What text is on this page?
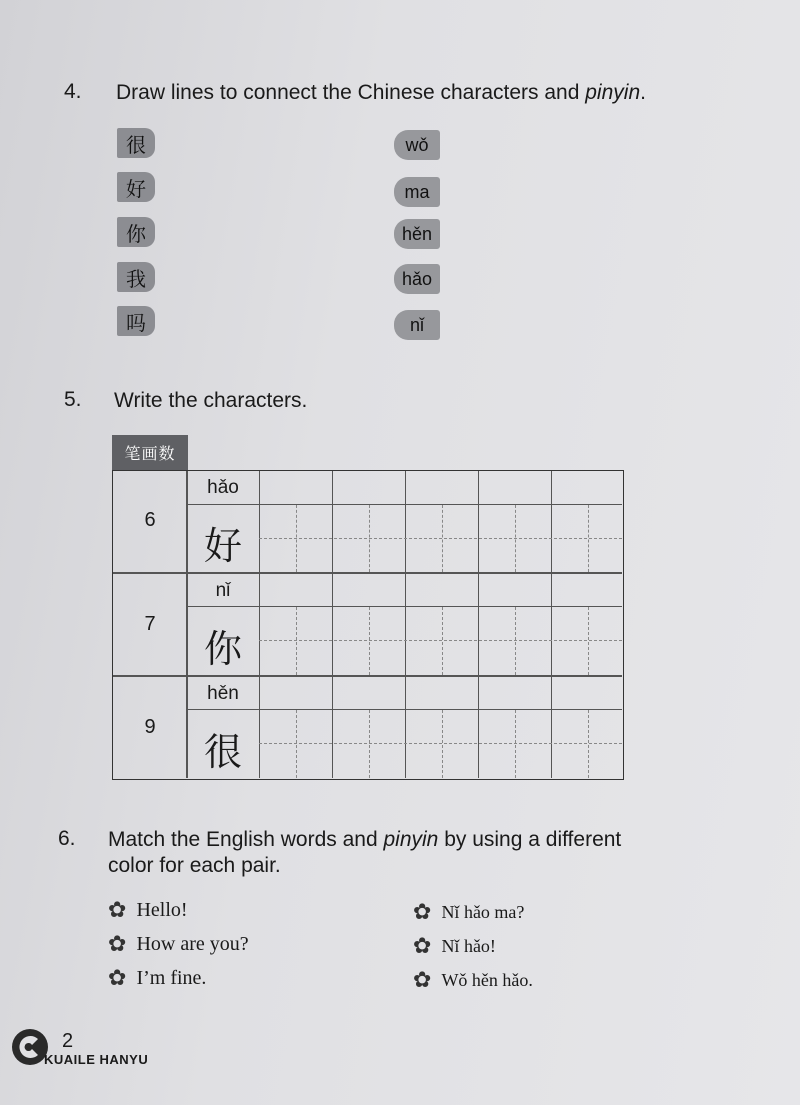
4. Draw lines to connect the Chinese characters and pinyin.
很
好
你
我
吗
wǒ
ma
hěn
hǎo
nǐ
5. Write the characters.
笔画数
6
hǎo
好
7
nǐ
你
9
hěn
很
6. Match the English words and pinyin by using a different
color for each pair.
✿ Hello!
✿ How are you?
✿ I’m fine.
✿ Nǐ hǎo ma?
✿ Nǐ hǎo!
✿ Wǒ hěn hǎo.
2
KUAILE HANYU
